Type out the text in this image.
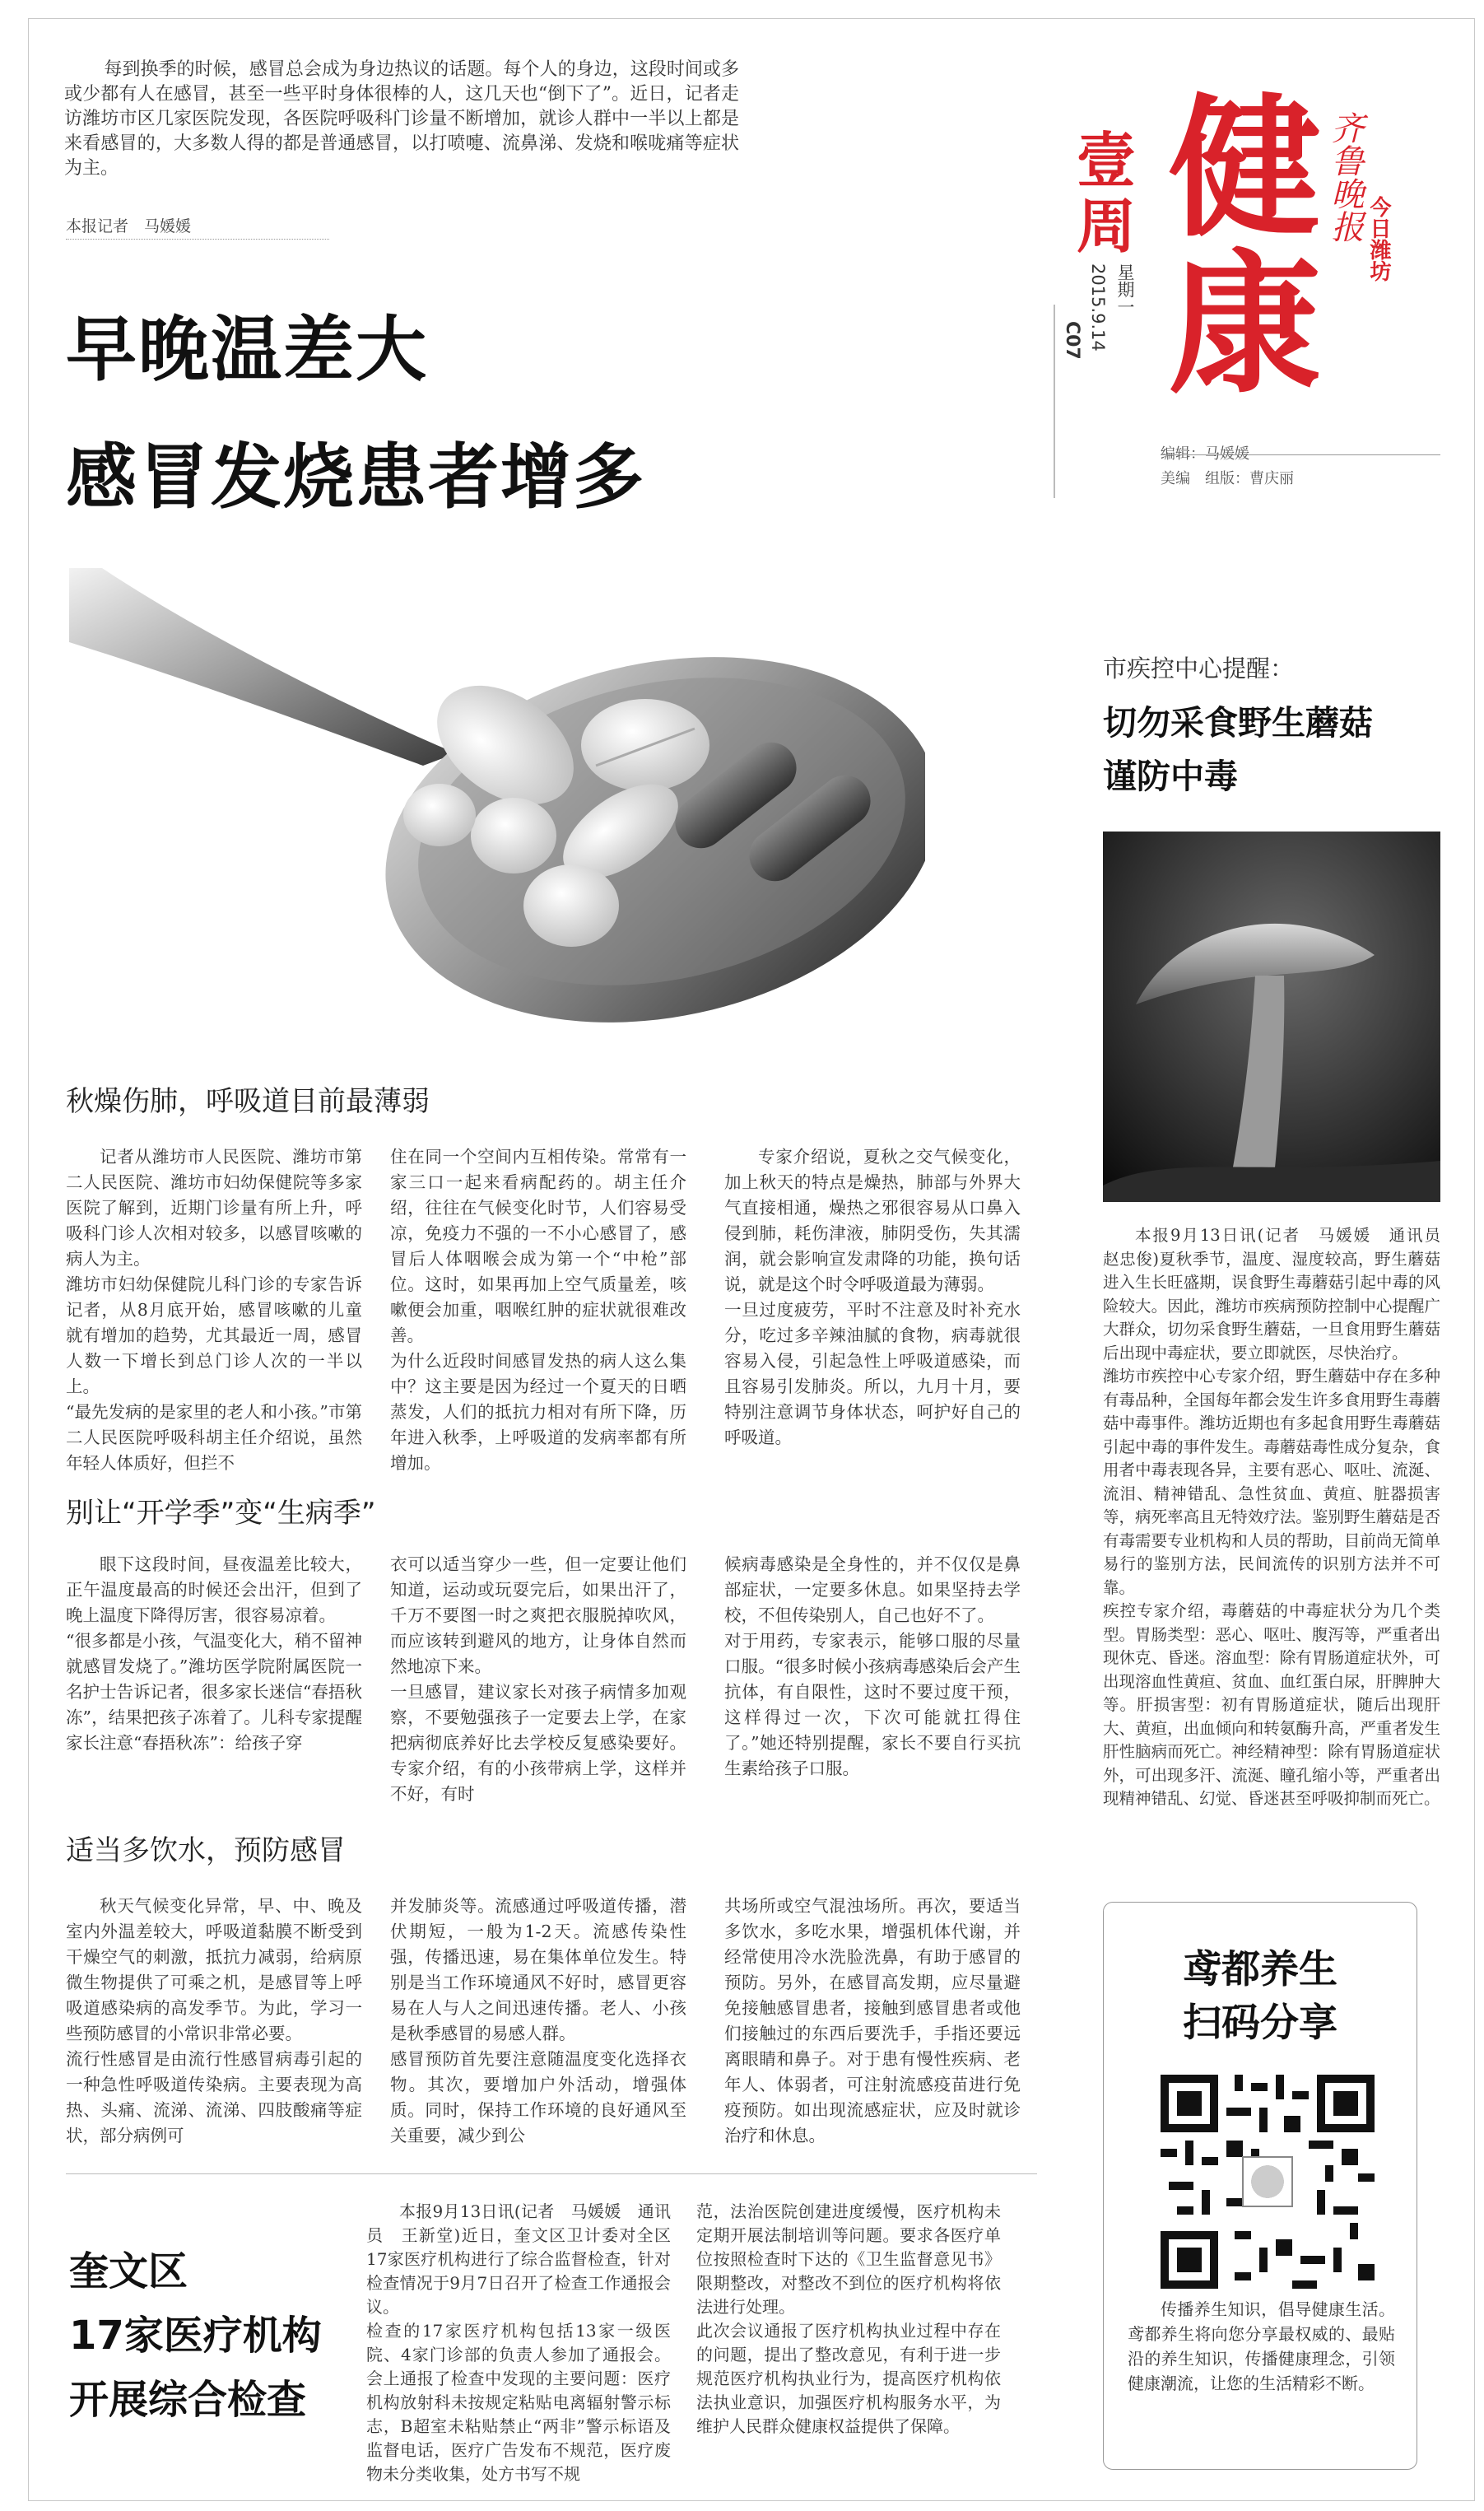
每到换季的时候，感冒总会成为身边热议的话题。每个人的身边，这段时间或多或少都有人在感冒，甚至一些平时身体很棒的人，这几天也“倒下了”。近日，记者走访潍坊市区几家医院发现，各医院呼吸科门诊量不断增加，就诊人群中一半以上都是来看感冒的，大多数人得的都是普通感冒，以打喷嚏、流鼻涕、发烧和喉咙痛等症状为主。
本报记者　马媛媛
早晚温差大
感冒发烧患者增多
健
康
壹
周	齐鲁晚报 今日潍坊
星期一
2015.9.14
C07
编辑：马媛媛
美编　组版：曹庆丽
秋燥伤肺，呼吸道目前最薄弱
记者从潍坊市人民医院、潍坊市第二人民医院、潍坊市妇幼保健院等多家医院了解到，近期门诊量有所上升，呼吸科门诊人次相对较多，以感冒咳嗽的病人为主。
潍坊市妇幼保健院儿科门诊的专家告诉记者，从8月底开始，感冒咳嗽的儿童就有增加的趋势，尤其最近一周，感冒人数一下增长到总门诊人次的一半以上。
“最先发病的是家里的老人和小孩。”市第二人民医院呼吸科胡主任介绍说，虽然年轻人体质好，但拦不
住在同一个空间内互相传染。常常有一家三口一起来看病配药的。胡主任介绍，往往在气候变化时节，人们容易受凉，免疫力不强的一不小心感冒了，感冒后人体咽喉会成为第一个“中枪”部位。这时，如果再加上空气质量差，咳嗽便会加重，咽喉红肿的症状就很难改善。
为什么近段时间感冒发热的病人这么集中？这主要是因为经过一个夏天的日晒蒸发，人们的抵抗力相对有所下降，历年进入秋季，上呼吸道的发病率都有所增加。
专家介绍说，夏秋之交气候变化，加上秋天的特点是燥热，肺部与外界大气直接相通，燥热之邪很容易从口鼻入侵到肺，耗伤津液，肺阴受伤，失其濡润，就会影响宣发肃降的功能，换句话说，就是这个时令呼吸道最为薄弱。
一旦过度疲劳，平时不注意及时补充水分，吃过多辛辣油腻的食物，病毒就很容易入侵，引起急性上呼吸道感染，而且容易引发肺炎。所以，九月十月，要特别注意调节身体状态，呵护好自己的呼吸道。
别让“开学季”变“生病季”
眼下这段时间，昼夜温差比较大，正午温度最高的时候还会出汗，但到了晚上温度下降得厉害，很容易凉着。
“很多都是小孩，气温变化大，稍不留神就感冒发烧了。”潍坊医学院附属医院一名护士告诉记者，很多家长迷信“春捂秋冻”，结果把孩子冻着了。儿科专家提醒家长注意“春捂秋冻”：给孩子穿
衣可以适当穿少一些，但一定要让他们知道，运动或玩耍完后，如果出汗了，千万不要图一时之爽把衣服脱掉吹风，而应该转到避风的地方，让身体自然而然地凉下来。
一旦感冒，建议家长对孩子病情多加观察，不要勉强孩子一定要去上学，在家把病彻底养好比去学校反复感染要好。专家介绍，有的小孩带病上学，这样并不好，有时
候病毒感染是全身性的，并不仅仅是鼻部症状，一定要多休息。如果坚持去学校，不但传染别人，自己也好不了。
对于用药，专家表示，能够口服的尽量口服。“很多时候小孩病毒感染后会产生抗体，有自限性，这时不要过度干预，这样得过一次，下次可能就扛得住了。”她还特别提醒，家长不要自行买抗生素给孩子口服。
适当多饮水，预防感冒
秋天气候变化异常，早、中、晚及室内外温差较大，呼吸道黏膜不断受到干燥空气的刺激，抵抗力减弱，给病原微生物提供了可乘之机，是感冒等上呼吸道感染病的高发季节。为此，学习一些预防感冒的小常识非常必要。
流行性感冒是由流行性感冒病毒引起的一种急性呼吸道传染病。主要表现为高热、头痛、流涕、流涕、四肢酸痛等症状，部分病例可
并发肺炎等。流感通过呼吸道传播，潜伏期短，一般为1-2天。流感传染性强，传播迅速，易在集体单位发生。特别是当工作环境通风不好时，感冒更容易在人与人之间迅速传播。老人、小孩是秋季感冒的易感人群。
感冒预防首先要注意随温度变化选择衣物。其次，要增加户外活动，增强体质。同时，保持工作环境的良好通风至关重要，减少到公
共场所或空气混浊场所。再次，要适当多饮水，多吃水果，增强机体代谢，并经常使用冷水洗脸洗鼻，有助于感冒的预防。另外，在感冒高发期，应尽量避免接触感冒患者，接触到感冒患者或他们接触过的东西后要洗手，手指还要远离眼睛和鼻子。对于患有慢性疾病、老年人、体弱者，可注射流感疫苗进行免疫预防。如出现流感症状，应及时就诊治疗和休息。
奎文区
17家医疗机构
开展综合检查
本报9月13日讯(记者　马媛媛　通讯员　王新堂)近日，奎文区卫计委对全区17家医疗机构进行了综合监督检查，针对检查情况于9月7日召开了检查工作通报会议。
检查的17家医疗机构包括13家一级医院、4家门诊部的负责人参加了通报会。会上通报了检查中发现的主要问题：医疗机构放射科未按规定粘贴电离辐射警示标志，B超室未粘贴禁止“两非”警示标语及监督电话，医疗广告发布不规范，医疗废物未分类收集，处方书写不规
范，法治医院创建进度缓慢，医疗机构未定期开展法制培训等问题。要求各医疗单位按照检查时下达的《卫生监督意见书》限期整改，对整改不到位的医疗机构将依法进行处理。
此次会议通报了医疗机构执业过程中存在的问题，提出了整改意见，有利于进一步规范医疗机构执业行为，提高医疗机构依法执业意识，加强医疗机构服务水平，为维护人民群众健康权益提供了保障。
市疾控中心提醒：
切勿采食野生蘑菇
谨防中毒
本报9月13日讯(记者　马媛媛　通讯员　赵忠俊)夏秋季节，温度、湿度较高，野生蘑菇进入生长旺盛期，误食野生毒蘑菇引起中毒的风险较大。因此，潍坊市疾病预防控制中心提醒广大群众，切勿采食野生蘑菇，一旦食用野生蘑菇后出现中毒症状，要立即就医，尽快治疗。
潍坊市疾控中心专家介绍，野生蘑菇中存在多种有毒品种，全国每年都会发生许多食用野生毒蘑菇中毒事件。潍坊近期也有多起食用野生毒蘑菇引起中毒的事件发生。毒蘑菇毒性成分复杂，食用者中毒表现各异，主要有恶心、呕吐、流涎、流泪、精神错乱、急性贫血、黄疸、脏器损害等，病死率高且无特效疗法。鉴别野生蘑菇是否有毒需要专业机构和人员的帮助，目前尚无简单易行的鉴别方法，民间流传的识别方法并不可靠。
疾控专家介绍，毒蘑菇的中毒症状分为几个类型。胃肠类型：恶心、呕吐、腹泻等，严重者出现休克、昏迷。溶血型：除有胃肠道症状外，可出现溶血性黄疸、贫血、血红蛋白尿，肝脾肿大等。肝损害型：初有胃肠道症状，随后出现肝大、黄疸，出血倾向和转氨酶升高，严重者发生肝性脑病而死亡。神经精神型：除有胃肠道症状外，可出现多汗、流涎、瞳孔缩小等，严重者出现精神错乱、幻觉、昏迷甚至呼吸抑制而死亡。
鸢都养生
扫码分享
传播养生知识，倡导健康生活。鸢都养生将向您分享最权威的、最贴沿的养生知识，传播健康理念，引领健康潮流，让您的生活精彩不断。
